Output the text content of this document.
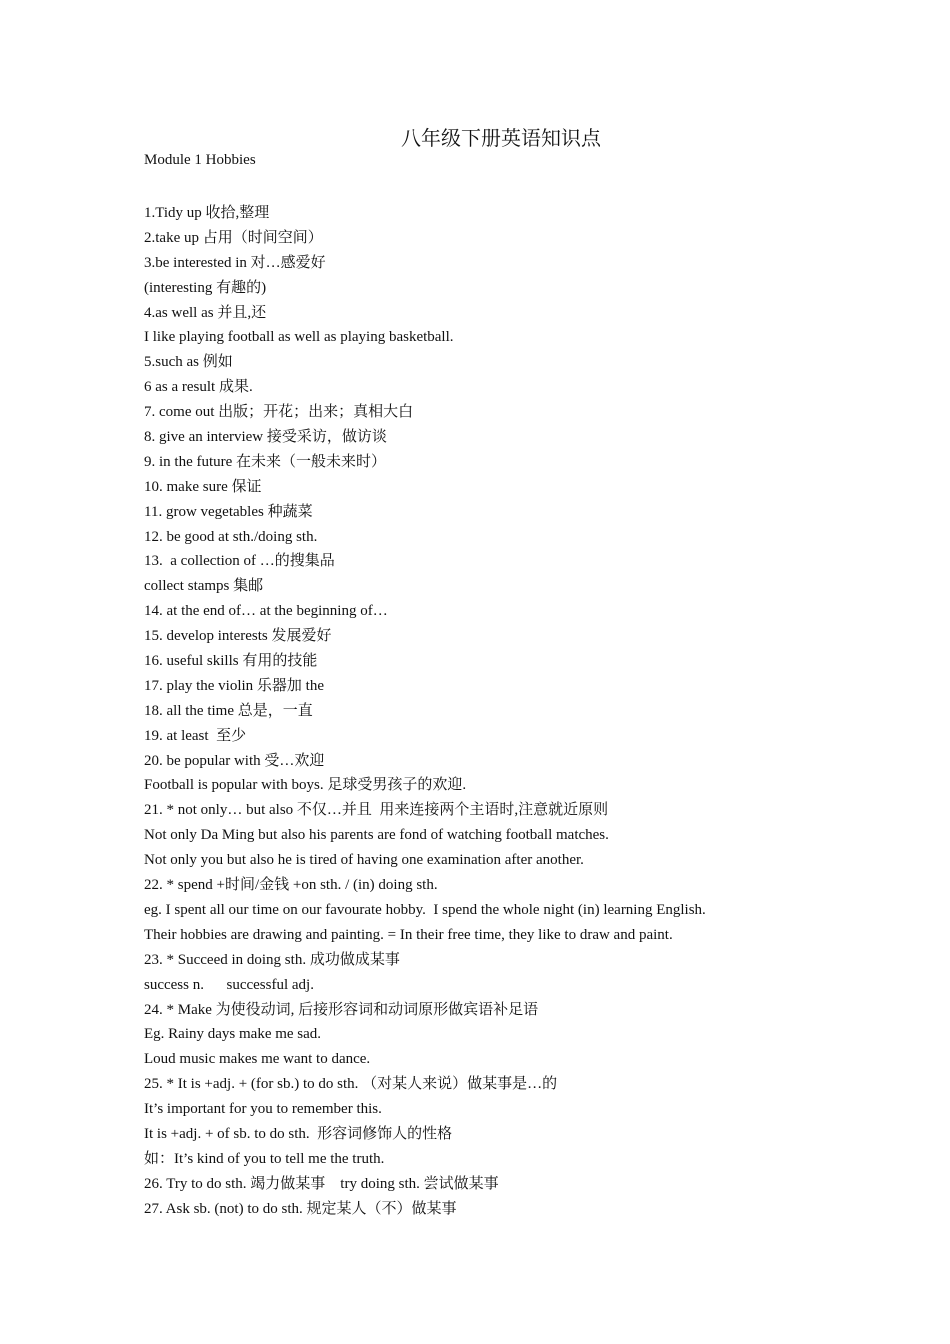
八年级下册英语知识点
Module 1 Hobbies
1.Tidy up 收拾,整理
2.take up 占用（时间空间）
3.be interested in 对…感爱好
(interesting 有趣的)
4.as well as 并且,还
I like playing football as well as playing basketball.
5.such as 例如
6 as a result 成果.
7. come out 出版；开花；出来；真相大白
8. give an interview 接受采访，做访谈
9. in the future 在未来（一般未来时）
10. make sure 保证
11. grow vegetables 种蔬菜
12. be good at sth./doing sth.
13.  a collection of …的搜集品
collect stamps 集邮
14. at the end of… at the beginning of…
15. develop interests 发展爱好
16. useful skills 有用的技能
17. play the violin 乐器加 the
18. all the time 总是，一直
19. at least  至少
20. be popular with 受…欢迎
Football is popular with boys. 足球受男孩子的欢迎.
21. * not only… but also 不仅…并且  用来连接两个主语时,注意就近原则
Not only Da Ming but also his parents are fond of watching football matches.
Not only you but also he is tired of having one examination after another.
22. * spend +时间/金钱 +on sth. / (in) doing sth.
eg. I spent all our time on our favourate hobby.  I spend the whole night (in) learning English.
Their hobbies are drawing and painting. = In their free time, they like to draw and paint.
23. * Succeed in doing sth. 成功做成某事
success n.      successful adj.
24. * Make 为使役动词, 后接形容词和动词原形做宾语补足语
Eg. Rainy days make me sad.
Loud music makes me want to dance.
25. * It is +adj. + (for sb.) to do sth. （对某人来说）做某事是…的
It’s important for you to remember this.
It is +adj. + of sb. to do sth.  形容词修饰人的性格
如：It’s kind of you to tell me the truth.
26. Try to do sth. 竭力做某事    try doing sth. 尝试做某事
27. Ask sb. (not) to do sth. 规定某人（不）做某事
